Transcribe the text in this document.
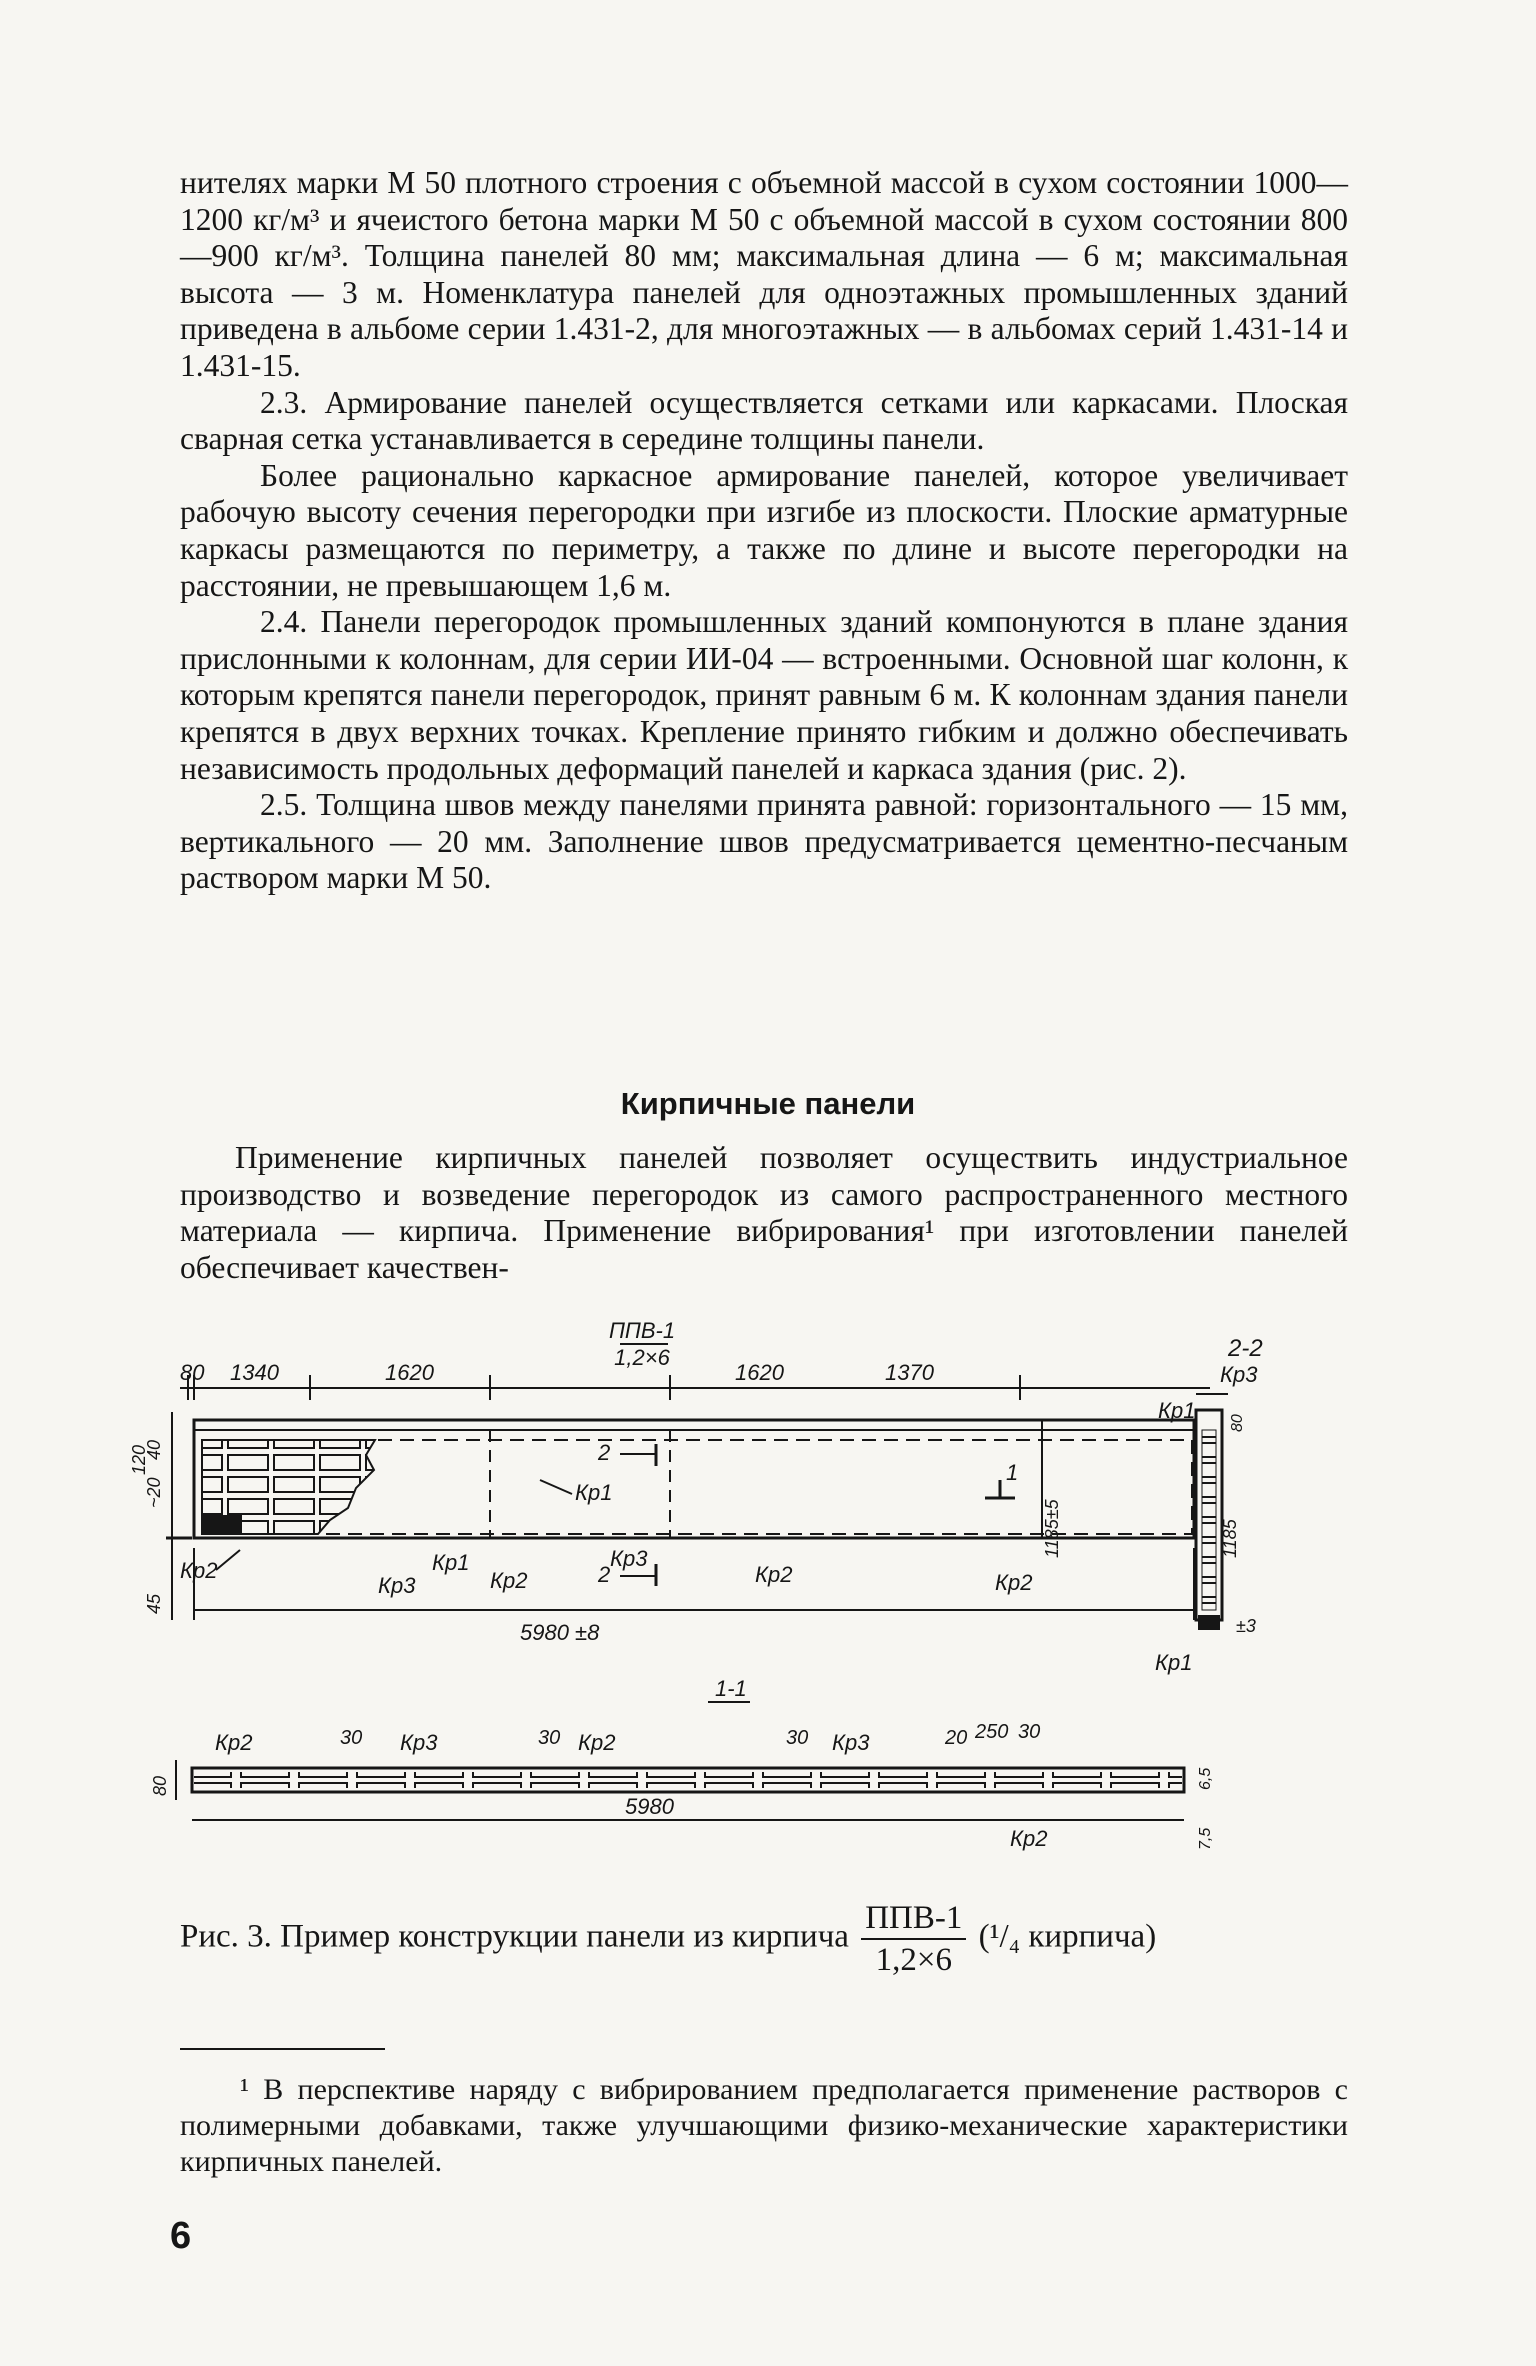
нителях марки М 50 плотного строения с объемной массой в сухом состоянии 1000—1200 кг/м³ и ячеистого бетона марки М 50 с объемной массой в сухом состоянии 800—900 кг/м³. Толщина панелей 80 мм; максимальная длина — 6 м; максимальная высота — 3 м. Номенклатура панелей для одноэтажных промышленных зданий приведена в альбоме серии 1.431-2, для многоэтажных — в альбомах серий 1.431-14 и 1.431-15.

2.3. Армирование панелей осуществляется сетками или каркасами. Плоская сварная сетка устанавливается в середине толщины панели.

Более рационально каркасное армирование панелей, которое увеличивает рабочую высоту сечения перегородки при изгибе из плоскости. Плоские арматурные каркасы размещаются по периметру, а также по длине и высоте перегородки на расстоянии, не превышающем 1,6 м.

2.4. Панели перегородок промышленных зданий компонуются в плане здания прислонными к колоннам, для серии ИИ-04 — встроенными. Основной шаг колонн, к которым крепятся панели перегородок, принят равным 6 м. К колоннам здания панели крепятся в двух верхних точках. Крепление принято гибким и должно обеспечивать независимость продольных деформаций панелей и каркаса здания (рис. 2).

2.5. Толщина швов между панелями принята равной: горизонтального — 15 мм, вертикального — 20 мм. Заполнение швов предусматривается цементно-песчаным раствором марки М 50.

Кирпичные панели

Применение кирпичных панелей позволяет осуществить индустриальное производство и возведение перегородок из самого распространенного местного материала — кирпича. Применение вибрирования¹ при изготовлении панелей обеспечивает качествен-

ППВ-1
1,2×6
80 1340	1620	1620	1370
2-2
Кр3
2
2
Кр1
Кр3
Кр1
Кр2
Кр3
Кр2
Кр2
40
120
~20
45
1
1185±5	1185
80
Кр1
Кр2
±3
Кр1
5980 ±8
1-1
Кр2	30 Кр3	30 Кр2	30 Кр3	20 250 30
80
5980
Кр2	7,5
6,5
Рис. 3. Пример конструкции панели из кирпича $\frac{\text{ППВ-1}}{1,2\times 6} (^1/_4$ кирпича)

¹ В перспективе наряду с вибрированием предполагается применение растворов с полимерными добавками, также улучшающими физико-механические характеристики кирпичных панелей.

6
